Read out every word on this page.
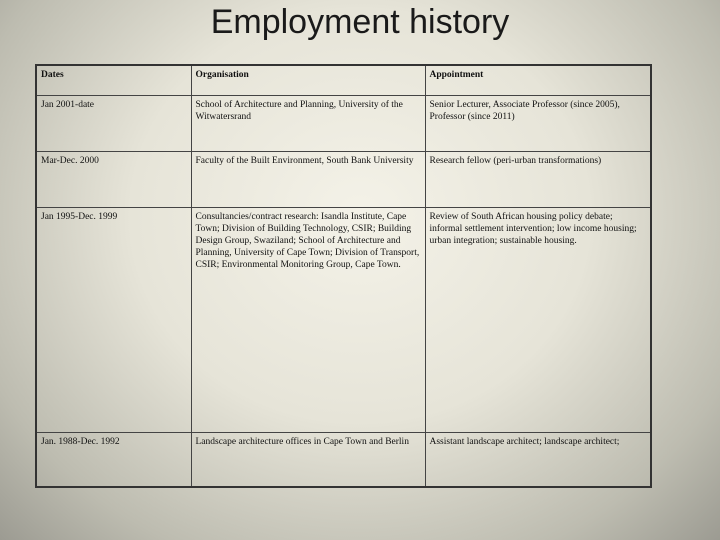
Employment history
Dates	Organisation	Appointment
Jan 2001-date	School of Architecture and Planning, University of the Witwatersrand	Senior Lecturer, Associate Professor (since 2005), Professor (since 2011)
Mar-Dec. 2000	Faculty of the Built Environment, South Bank University	Research fellow (peri-urban transformations)
Jan 1995-Dec. 1999	Consultancies/contract research: Isandla Institute, Cape Town; Division of Building Technology, CSIR; Building Design Group, Swaziland; School of Architecture and Planning, University of Cape Town; Division of Transport, CSIR; Environmental Monitoring Group, Cape Town.	Review of South African housing policy debate; informal settlement intervention; low income housing; urban integration; sustainable housing.
Jan. 1988-Dec. 1992	Landscape architecture offices in Cape Town and Berlin	Assistant landscape architect; landscape architect;
